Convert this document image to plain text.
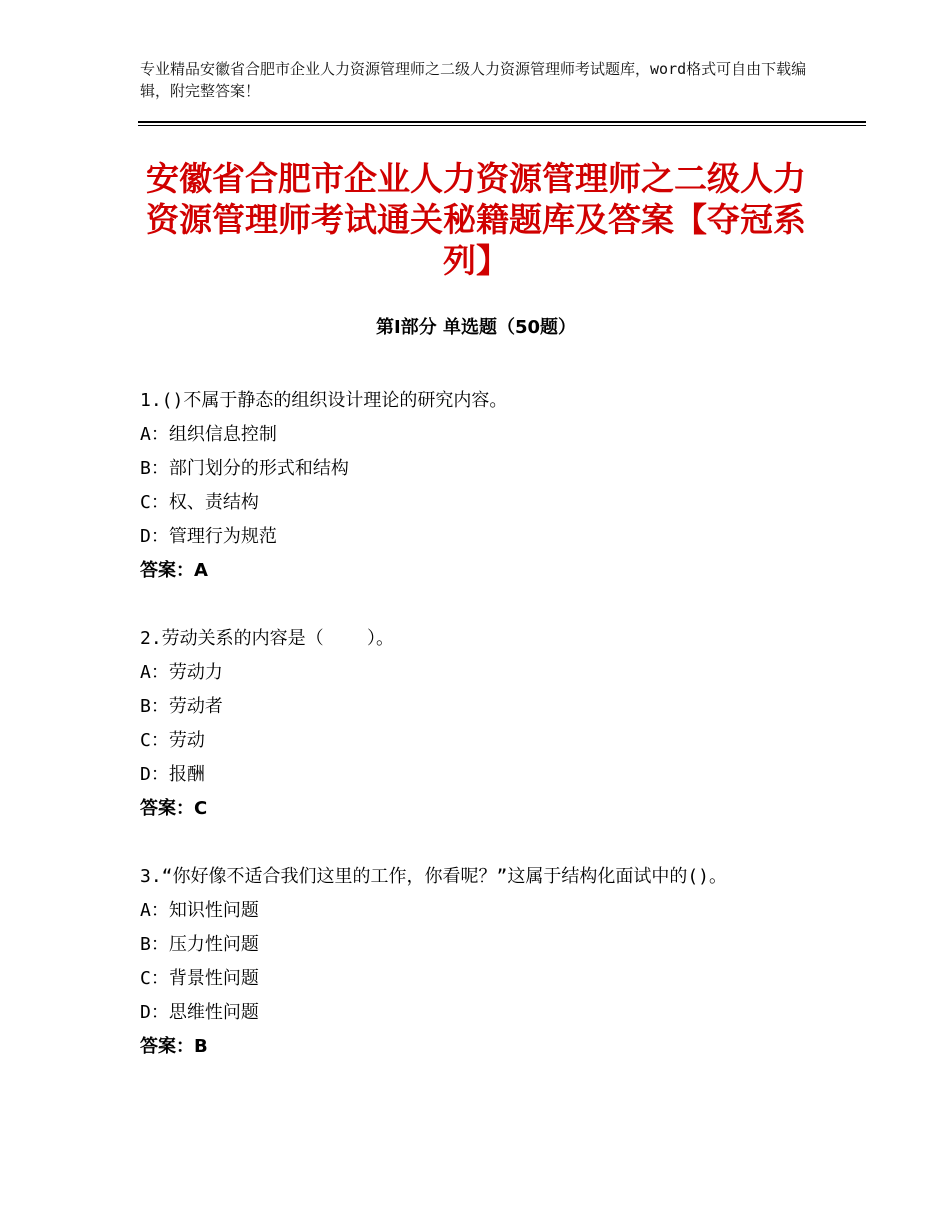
专业精品安徽省合肥市企业人力资源管理师之二级人力资源管理师考试题库，word格式可自由下载编辑，附完整答案！
安徽省合肥市企业人力资源管理师之二级人力资源管理师考试通关秘籍题库及答案【夺冠系列】
第Ⅰ部分 单选题（50题）
1.()不属于静态的组织设计理论的研究内容。
A：组织信息控制
B：部门划分的形式和结构
C：权、责结构
D：管理行为规范
答案：A
2.劳动关系的内容是（    ）。
A：劳动力
B：劳动者
C：劳动
D：报酬
答案：C
3.“你好像不适合我们这里的工作，你看呢？”这属于结构化面试中的()。
A：知识性问题
B：压力性问题
C：背景性问题
D：思维性问题
答案：B
